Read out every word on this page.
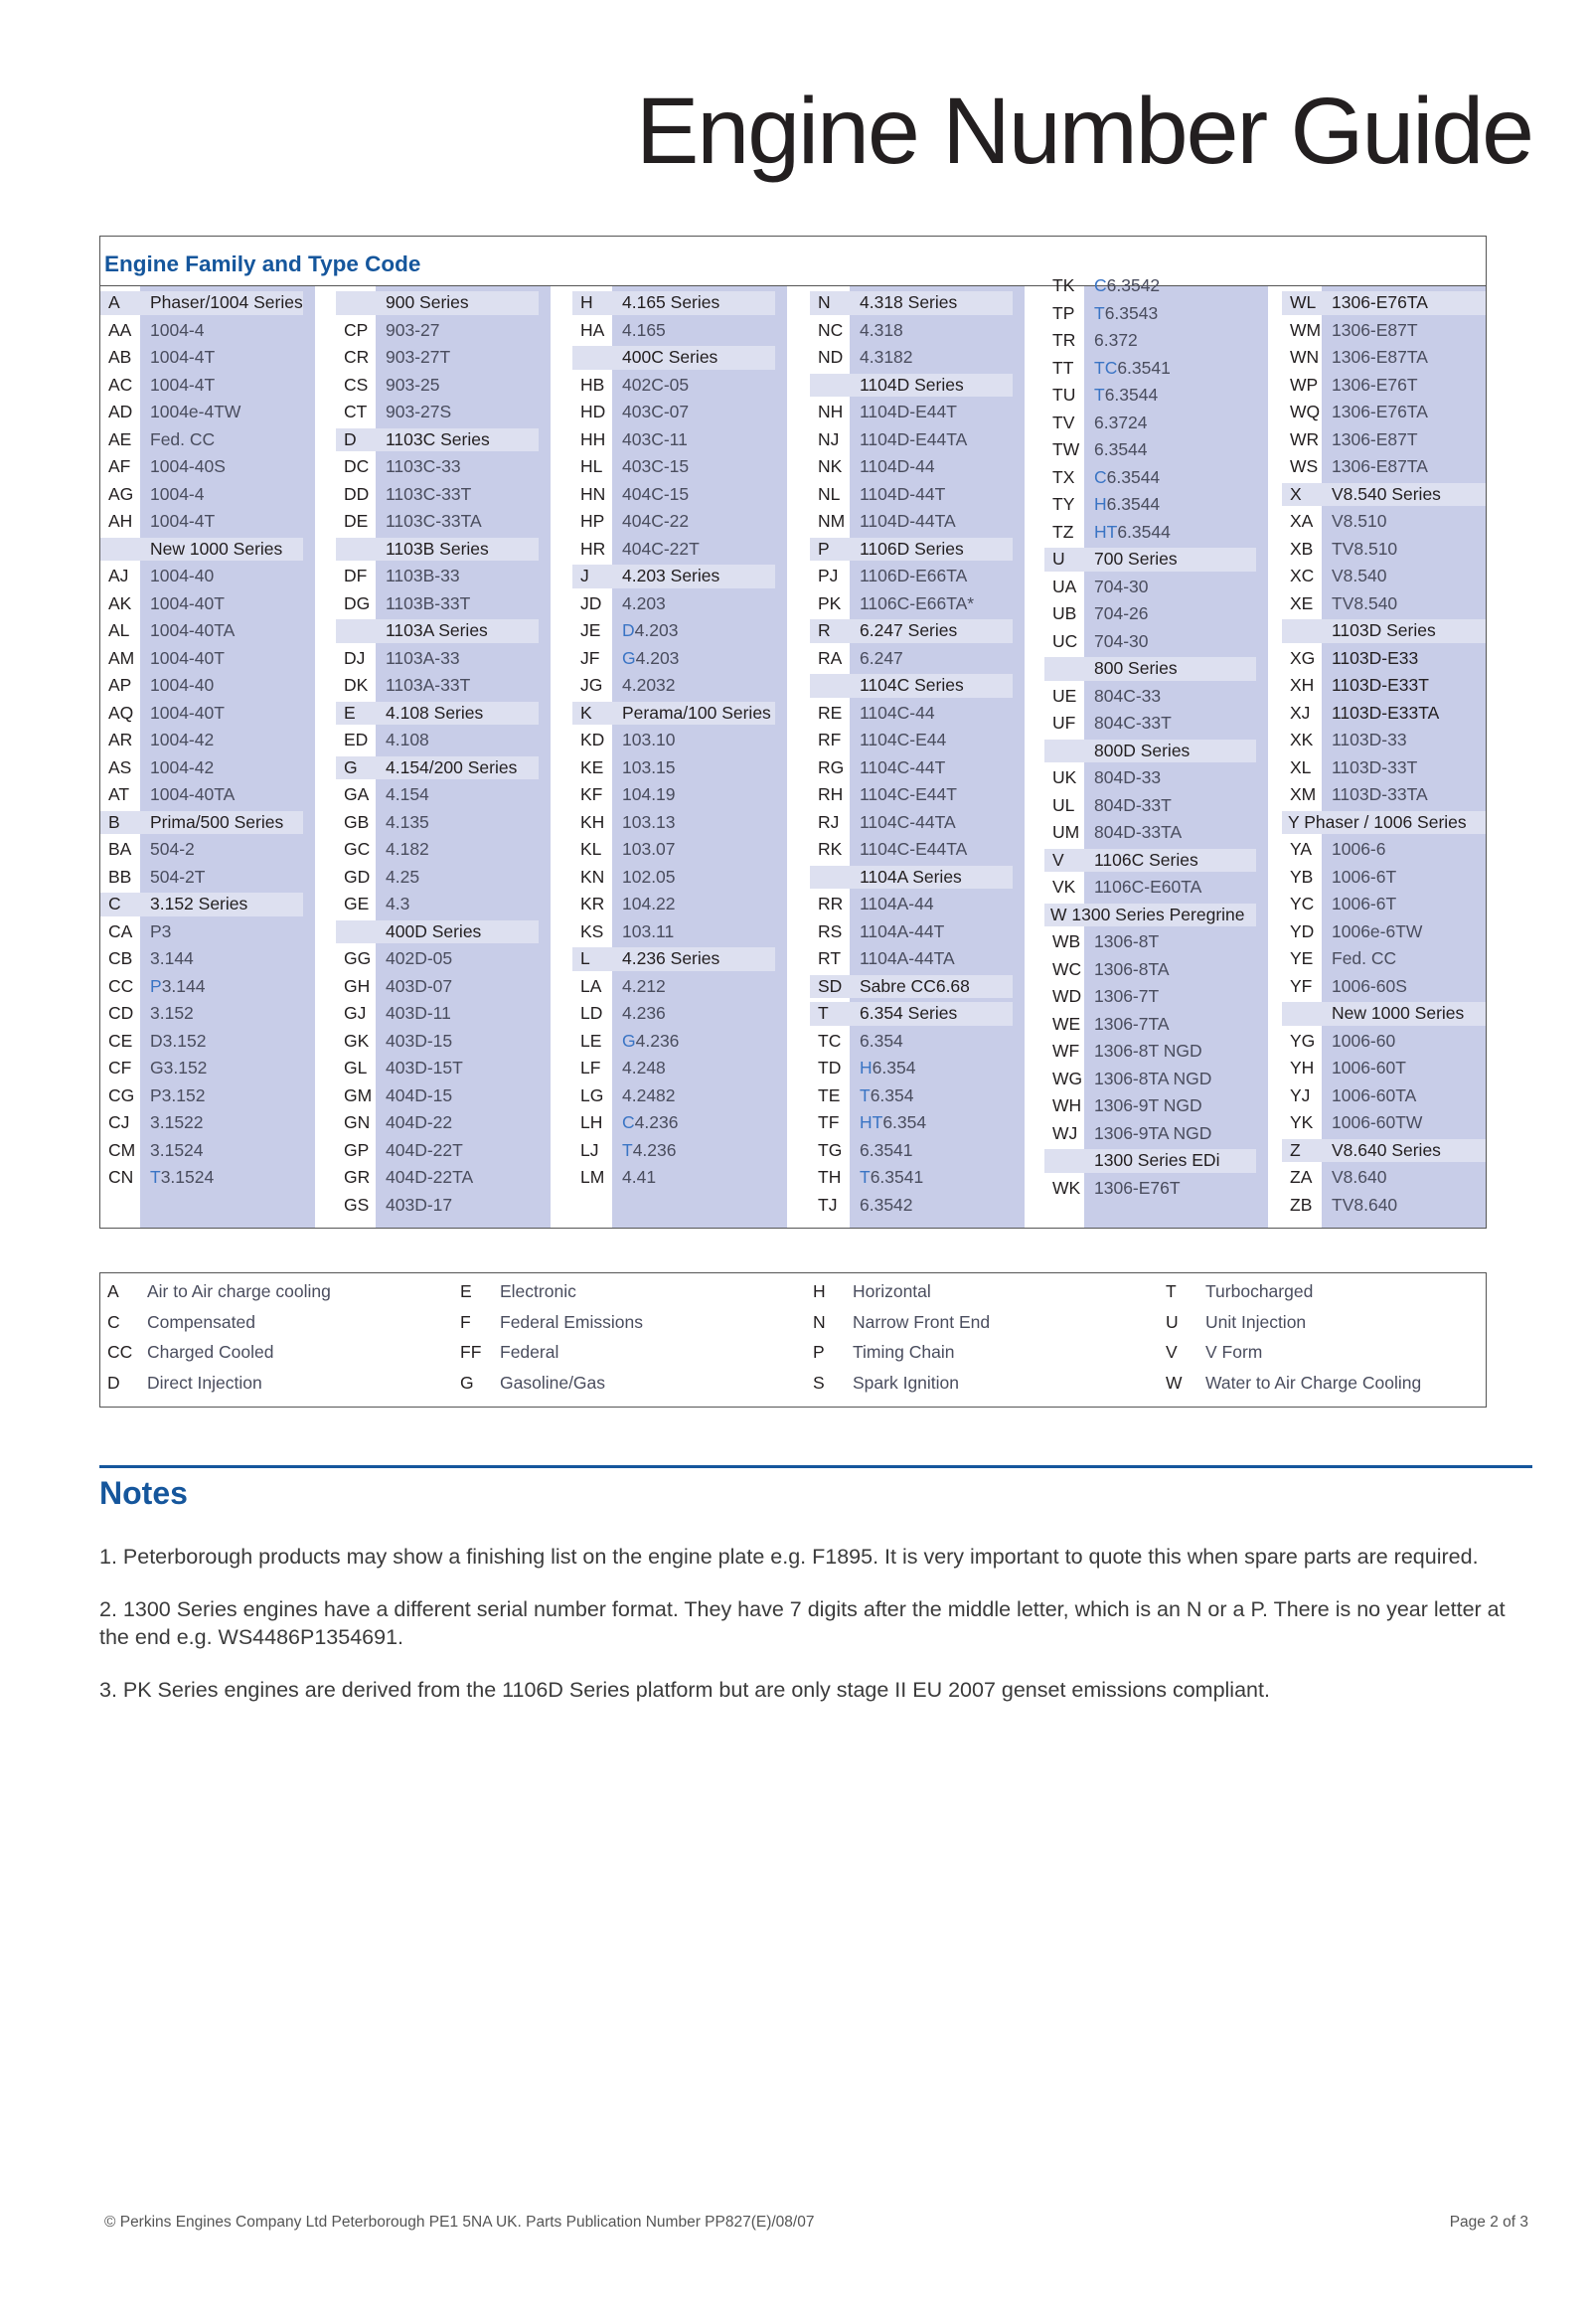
Engine Number Guide
Engine Family and Type Code
A Phaser/1004 Series
AA 1004-4
AB 1004-4T
AC 1004-4T
AD 1004e-4TW
AE Fed. CC
AF 1004-40S
AG 1004-4
AH 1004-4T
New 1000 Series
AJ 1004-40
AK 1004-40T
AL 1004-40TA
AM 1004-40T
AP 1004-40
AQ 1004-40T
AR 1004-42
AS 1004-42
AT 1004-40TA
B Prima/500 Series
BA 504-2
BB 504-2T
C 3.152 Series
CA P3
CB 3.144
CC P3.144
CD 3.152
CE D3.152
CF G3.152
CG P3.152
CJ 3.1522
CM 3.1524
CN T3.1524
900 Series
CP 903-27
CR 903-27T
CS 903-25
CT 903-27S
D 1103C Series
DC 1103C-33
DD 1103C-33T
DE 1103C-33TA
1103B Series
DF 1103B-33
DG 1103B-33T
1103A Series
DJ 1103A-33
DK 1103A-33T
E 4.108 Series
ED 4.108
G 4.154/200 Series
GA 4.154
GB 4.135
GC 4.182
GD 4.25
GE 4.3
400D Series
GG 402D-05
GH 403D-07
GJ 403D-11
GK 403D-15
GL 403D-15T
GM 404D-15
GN 404D-22
GP 404D-22T
GR 404D-22TA
GS 403D-17
H 4.165 Series
HA 4.165
400C Series
HB 402C-05
HD 403C-07
HH 403C-11
HL 403C-15
HN 404C-15
HP 404C-22
HR 404C-22T
J 4.203 Series
JD 4.203
JE D4.203
JF G4.203
JG 4.2032
K Perama/100 Series
KD 103.10
KE 103.15
KF 104.19
KH 103.13
KL 103.07
KN 102.05
KR 104.22
KS 103.11
L 4.236 Series
LA 4.212
LD 4.236
LE G4.236
LF 4.248
LG 4.2482
LH C4.236
LJ T4.236
LM 4.41
N 4.318 Series
NC 4.318
ND 4.3182
1104D Series
NH 1104D-E44T
NJ 1104D-E44TA
NK 1104D-44
NL 1104D-44T
NM 1104D-44TA
P 1106D Series
PJ 1106D-E66TA
PK 1106C-E66TA*
R 6.247 Series
RA 6.247
1104C Series
RE 1104C-44
RF 1104C-E44
RG 1104C-44T
RH 1104C-E44T
RJ 1104C-44TA
RK 1104C-E44TA
1104A Series
RR 1104A-44
RS 1104A-44T
RT 1104A-44TA
SD Sabre CC6.68
T 6.354 Series
TC 6.354
TD H6.354
TE T6.354
TF HT6.354
TG 6.3541
TH T6.3541
TJ 6.3542
TK C6.3542
TP T6.3543
TR 6.372
TT TC6.3541
TU T6.3544
TV 6.3724
TW 6.3544
TX C6.3544
TY H6.3544
TZ HT6.3544
U 700 Series
UA 704-30
UB 704-26
UC 704-30
800 Series
UE 804C-33
UF 804C-33T
800D Series
UK 804D-33
UL 804D-33T
UM 804D-33TA
V 1106C Series
VK 1106C-E60TA
W 1300 Series Peregrine
WB 1306-8T
WC 1306-8TA
WD 1306-7T
WE 1306-7TA
WF 1306-8T NGD
WG 1306-8TA NGD
WH 1306-9T NGD
WJ 1306-9TA NGD
1300 Series EDi
WK 1306-E76T
WL 1306-E76TA
WM 1306-E87T
WN 1306-E87TA
WP 1306-E76T
WQ 1306-E76TA
WR 1306-E87T
WS 1306-E87TA
X V8.540 Series
XA V8.510
XB TV8.510
XC V8.540
XE TV8.540
1103D Series
XG 1103D-E33
XH 1103D-E33T
XJ 1103D-E33TA
XK 1103D-33
XL 1103D-33T
XM 1103D-33TA
Y Phaser / 1006 Series
YA 1006-6
YB 1006-6T
YC 1006-6T
YD 1006e-6TW
YE Fed. CC
YF 1006-60S
New 1000 Series
YG 1006-60
YH 1006-60T
YJ 1006-60TA
YK 1006-60TW
Z V8.640 Series
ZA V8.640
ZB TV8.640
A Air to Air charge cooling
C Compensated
CC Charged Cooled
D Direct Injection
E Electronic
F Federal Emissions
FF Federal
G Gasoline/Gas
H Horizontal
N Narrow Front End
P Timing Chain
S Spark Ignition
T Turbocharged
U Unit Injection
V V Form
W Water to Air Charge Cooling
Notes
1. Peterborough products may show a finishing list on the engine plate e.g. F1895. It is very important to quote this when spare parts are required.
2. 1300 Series engines have a different serial number format. They have 7 digits after the middle letter, which is an N or a P. There is no year letter at the end e.g. WS4486P1354691.
3. PK Series engines are derived from the 1106D Series platform but are only stage II EU 2007 genset emissions compliant.
© Perkins Engines Company Ltd Peterborough PE1 5NA UK. Parts Publication Number PP827(E)/08/07	Page 2 of 3
